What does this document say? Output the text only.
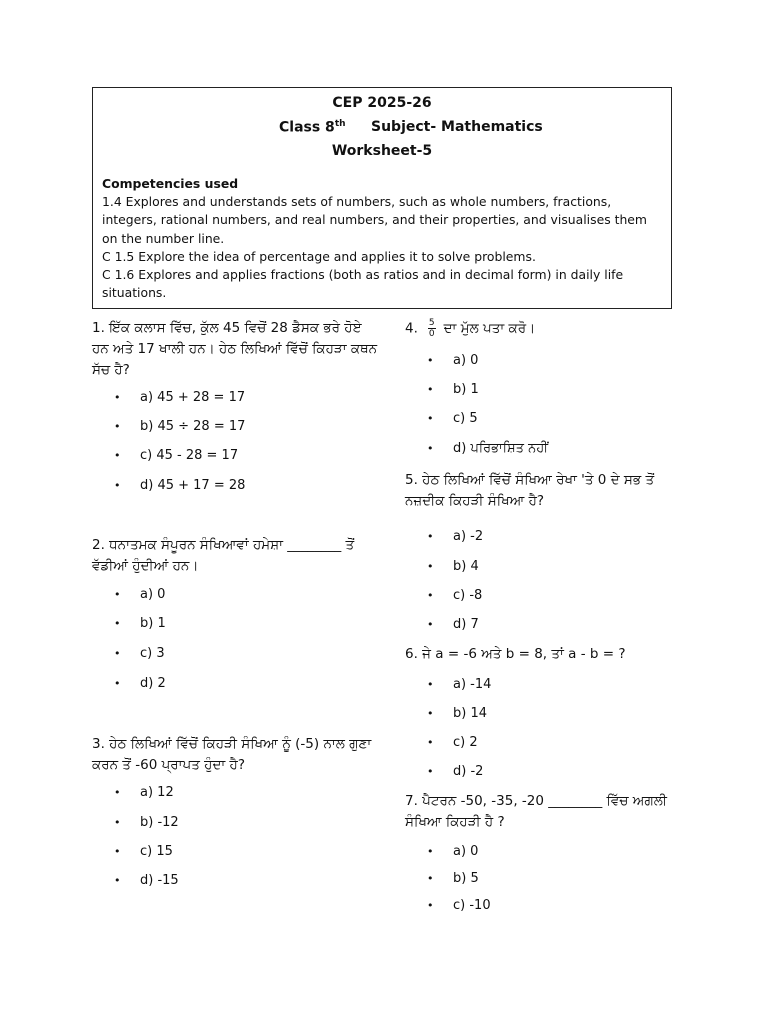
CEP 2025-26
Class 8th Subject- Mathematics
Worksheet-5
Competencies used
1.4 Explores and understands sets of numbers, such as whole numbers, fractions, integers, rational numbers, and real numbers, and their properties, and visualises them on the number line.
C 1.5 Explore the idea of percentage and applies it to solve problems.
C 1.6 Explores and applies fractions (both as ratios and in decimal form) in daily life situations.
1. ਇੱਕ ਕਲਾਸ ਵਿੱਚ, ਕੁੱਲ 45 ਵਿਚੋਂ 28 ਡੈਸਕ ਭਰੇ ਹੋਏ ਹਨ ਅਤੇ 17 ਖਾਲੀ ਹਨ। ਹੇਠ ਲਿਖਿਆਂ ਵਿੱਚੋਂ ਕਿਹੜਾ ਕਥਨ ਸੱਚ ਹੈ?
• a) 45 + 28 = 17
• b) 45 ÷ 28 = 17
• c) 45 - 28 = 17
• d) 45 + 17 = 28
2. ਧਨਾਤਮਕ ਸੰਪੂਰਨ ਸੰਖਿਆਵਾਂ ਹਮੇਸ਼ਾ ________ ਤੋਂ ਵੱਡੀਆਂ ਹੁੰਦੀਆਂ ਹਨ।
• a) 0
• b) 1
• c) 3
• d) 2
3. ਹੇਠ ਲਿਖਿਆਂ ਵਿੱਚੋਂ ਕਿਹੜੀ ਸੰਖਿਆ ਨੂੰ (-5) ਨਾਲ ਗੁਣਾ ਕਰਨ ਤੋਂ -60 ਪ੍ਰਾਪਤ ਹੁੰਦਾ ਹੈ?
• a) 12
• b) -12
• c) 15
• d) -15
4. $\frac{5}{0}$ ਦਾ ਮੁੱਲ ਪਤਾ ਕਰੋ।
• a) 0
• b) 1
• c) 5
• d) ਪਰਿਭਾਸ਼ਿਤ ਨਹੀਂ
5. ਹੇਠ ਲਿਖਿਆਂ ਵਿੱਚੋਂ ਸੰਖਿਆ ਰੇਖਾ 'ਤੇ 0 ਦੇ ਸਭ ਤੋਂ ਨਜ਼ਦੀਕ ਕਿਹੜੀ ਸੰਖਿਆ ਹੈ?
• a) -2
• b) 4
• c) -8
• d) 7
6. ਜੇ a = -6 ਅਤੇ b = 8, ਤਾਂ a - b = ?
• a) -14
• b) 14
• c) 2
• d) -2
7. ਪੈਟਰਨ -50, -35, -20 ________ ਵਿੱਚ ਅਗਲੀ ਸੰਖਿਆ ਕਿਹੜੀ ਹੈ ?
• a) 0
• b) 5
• c) -10
